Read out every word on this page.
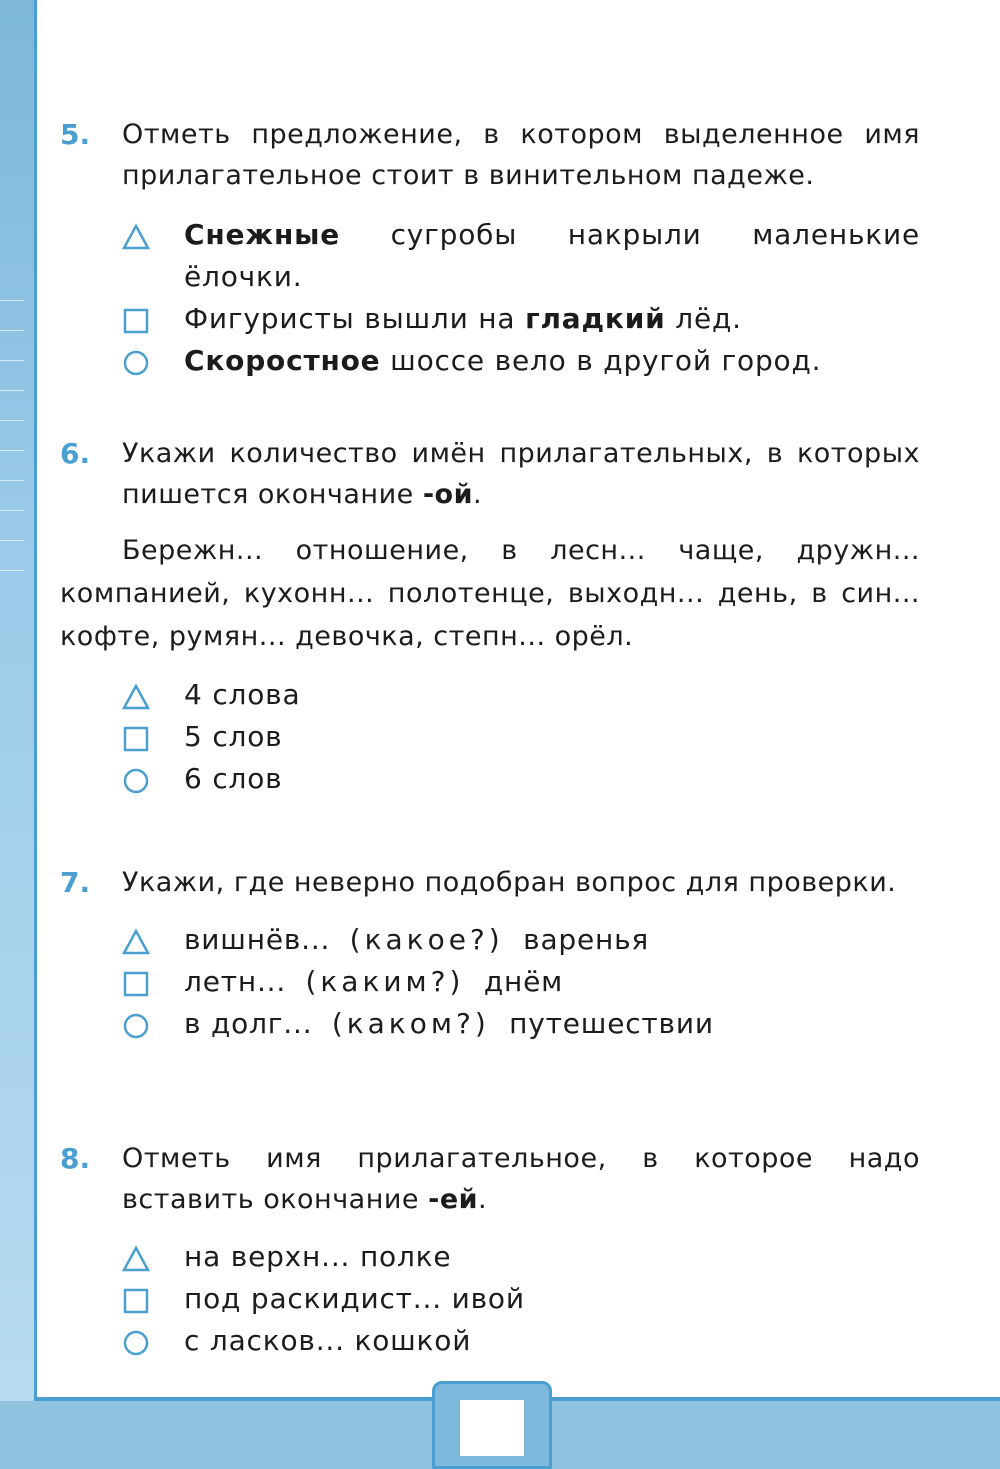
5.	Отметь предложение, в котором выделенное имя прилагательное стоит в винительном падеже.
Снежные сугробы накрыли маленькие ёлочки.
Фигуристы вышли на гладкий лёд.
Скоростное шоссе вело в другой город.
6.	Укажи количество имён прилагательных, в которых пишется окончание -ой.
Бережн... отношение, в лесн... чаще, дружн... компанией, кухонн... полотенце, выходн... день, в син... кофте, румян... девочка, степн... орёл.
4 слова
5 слов
6 слов
7.	Укажи, где неверно подобран вопрос для проверки.
вишнёв... (какое?) варенья
летн... (каким?) днём
в долг... (каком?) путешествии
8.	Отметь имя прилагательное, в которое надо вставить окончание -ей.
на верхн... полке
под раскидист... ивой
с ласков... кошкой
